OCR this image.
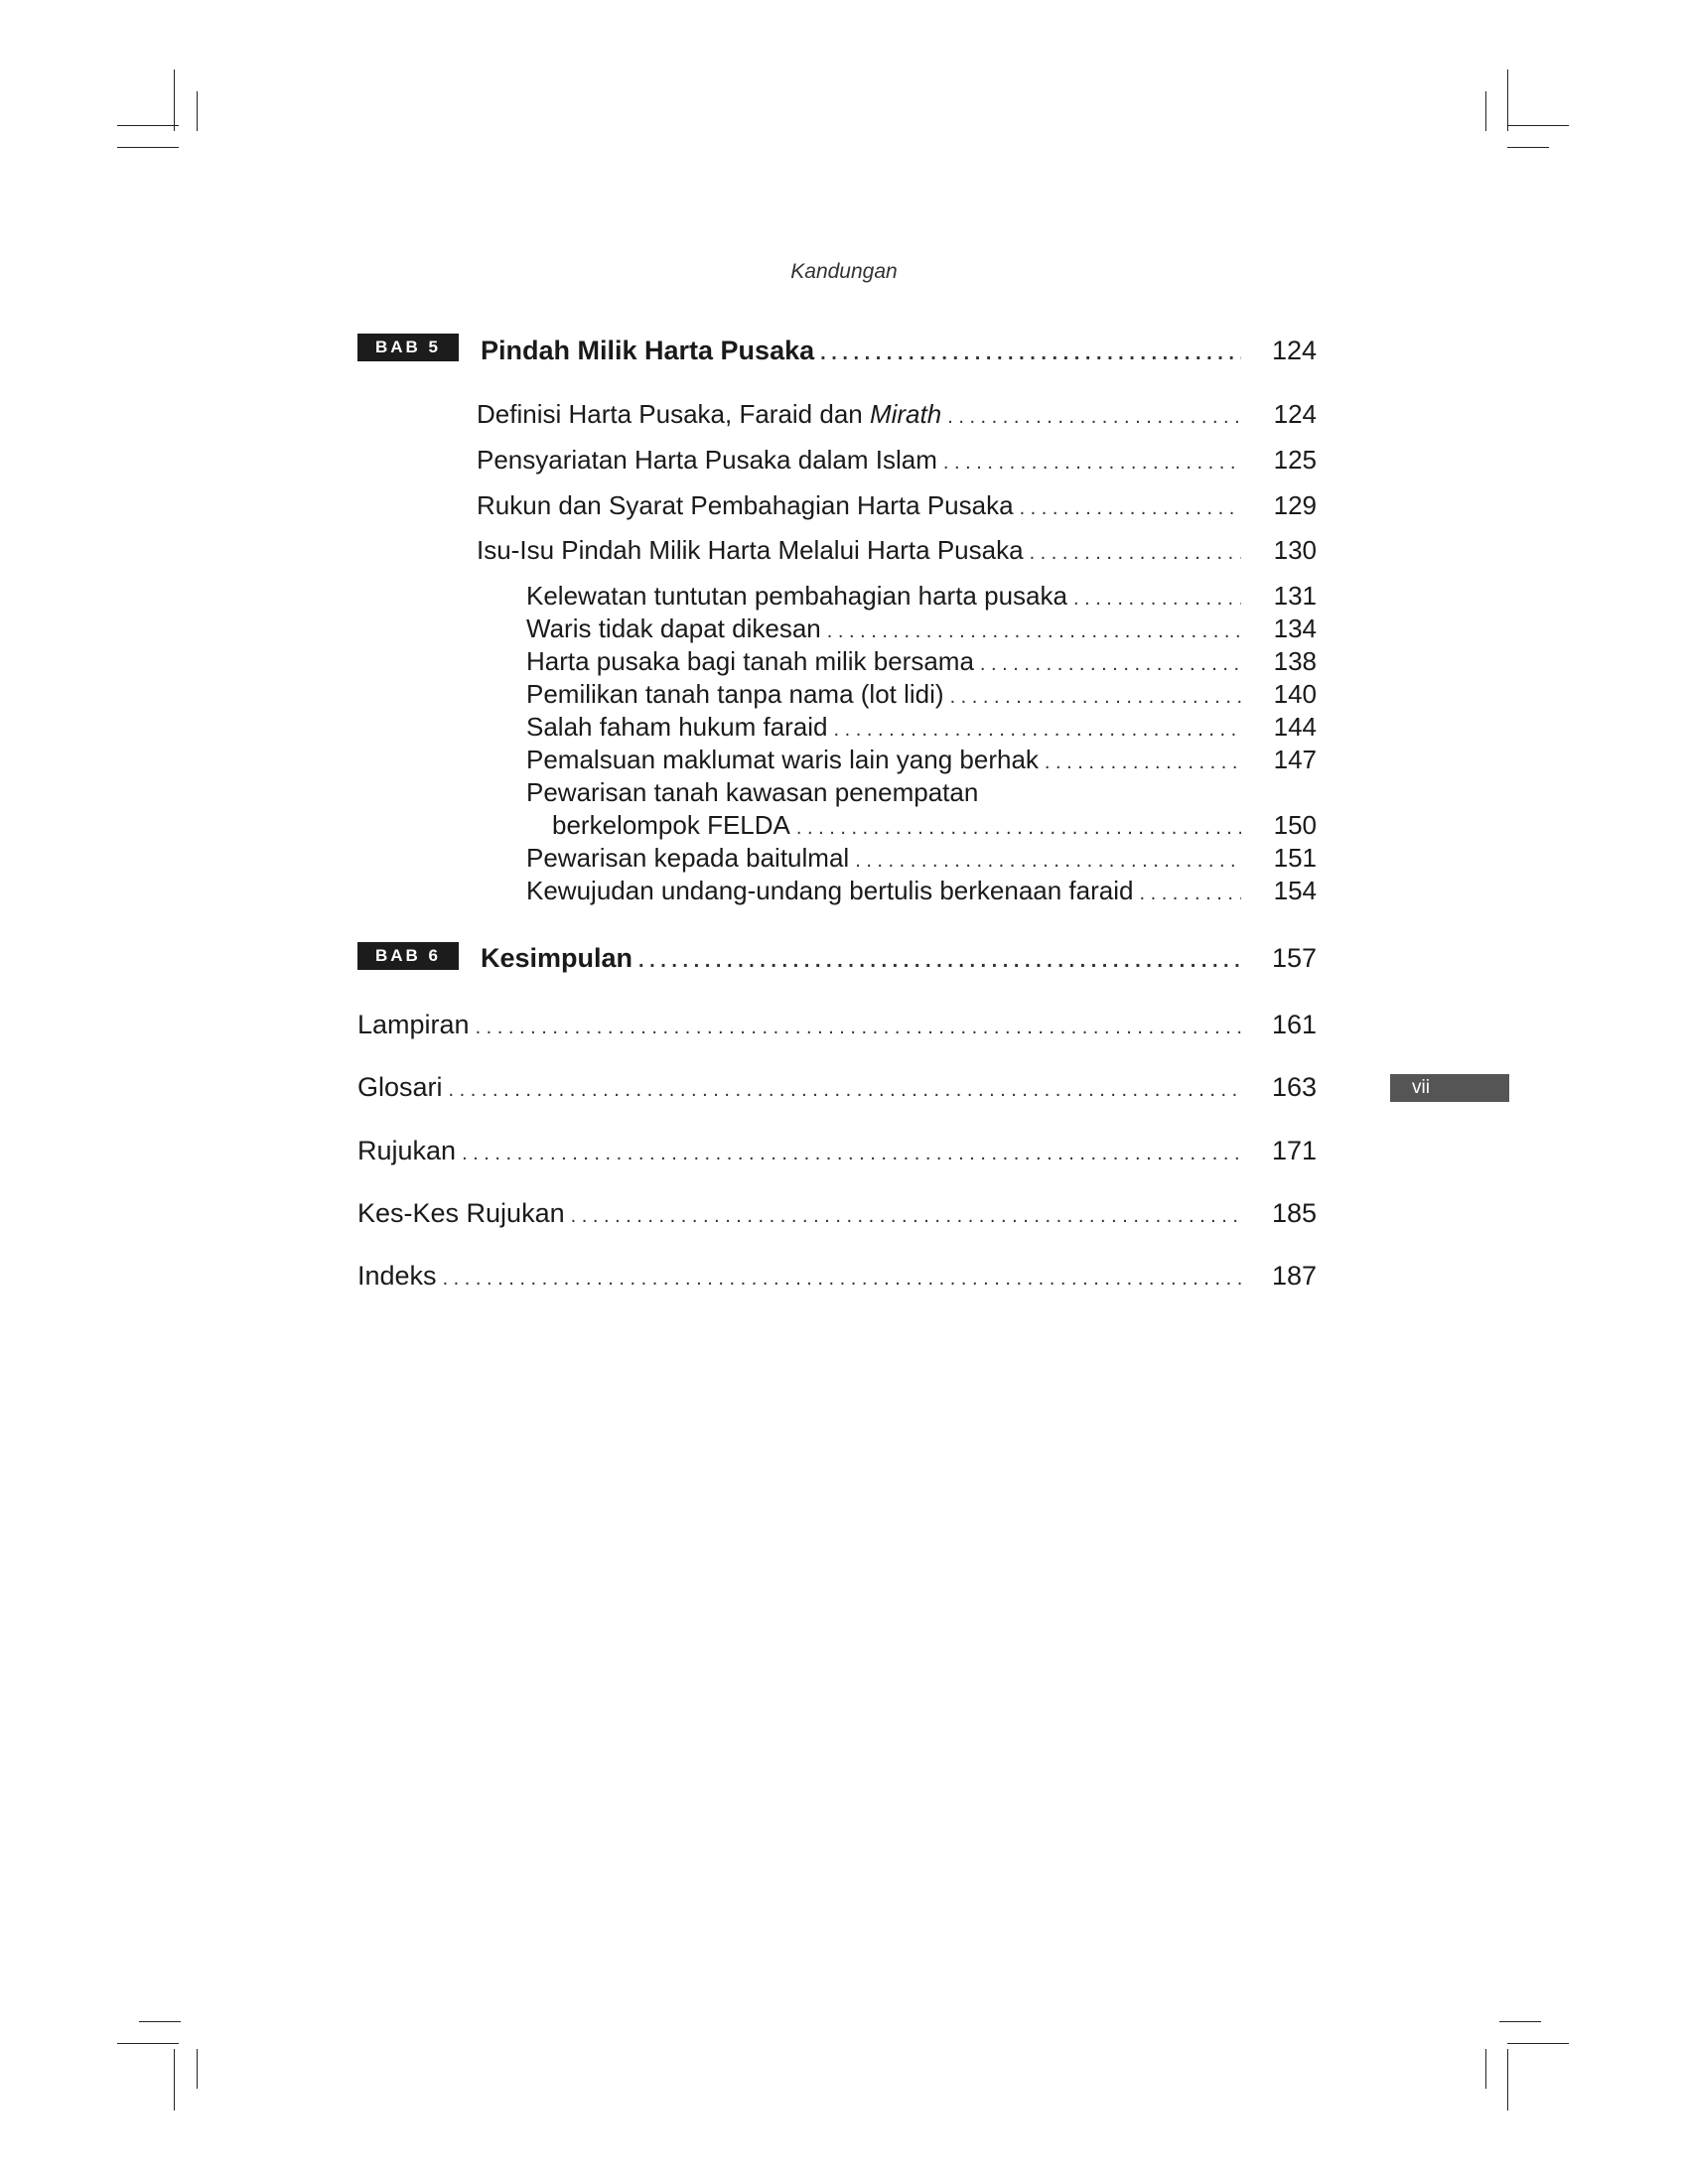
Kandungan
BAB 5	Pindah Milik Harta Pusaka . . .	124
Definisi Harta Pusaka, Faraid dan Mirath . . .	124
Pensyariatan Harta Pusaka dalam Islam . . .	125
Rukun dan Syarat Pembahagian Harta Pusaka . . .	129
Isu-Isu Pindah Milik Harta Melalui Harta Pusaka . . .	130
Kelewatan tuntutan pembahagian harta pusaka . . .	131
Waris tidak dapat dikesan . . .	134
Harta pusaka bagi tanah milik bersama . . .	138
Pemilikan tanah tanpa nama (lot lidi) . . .	140
Salah faham hukum faraid . . .	144
Pemalsuan maklumat waris lain yang berhak . . .	147
Pewarisan tanah kawasan penempatan
berkelompok FELDA . . .	150
Pewarisan kepada baitulmal . . .	151
Kewujudan undang-undang bertulis berkenaan faraid . . .	154
BAB 6	Kesimpulan . . .	157
Lampiran . . .	161
Glosari . . .	163
Rujukan . . .	171
Kes-Kes Rujukan . . .	185
Indeks . . .	187
vii
